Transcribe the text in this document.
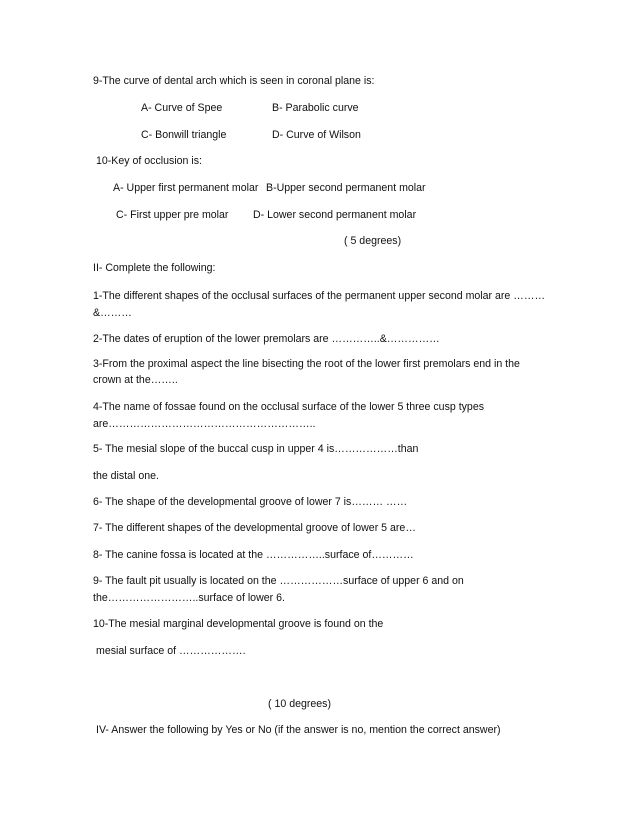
9-The curve of dental arch which is seen in coronal plane is:
A- Curve of Spee	B- Parabolic curve
C- Bonwill triangle	D- Curve of Wilson
10-Key of occlusion is:
A- Upper first permanent molar B-Upper second permanent molar
C- First upper pre molar D- Lower second permanent molar
( 5 degrees)
II- Complete the following:
1-The different shapes of the occlusal surfaces of the permanent upper second molar are ………
&………
2-The dates of eruption of the lower premolars are …………..&……………
3-From the proximal aspect the line bisecting the root of the lower first premolars end in the
crown at the……..
4-The name of fossae found on the occlusal surface of the lower 5 three cusp types
are…………………………………………………..
5- The mesial slope of the buccal cusp in upper 4 is………………than
the distal one.
6- The shape of the developmental groove of lower 7 is……… ……
7- The different shapes of the developmental groove of lower 5 are…
8- The canine fossa is located at the ……………..surface of…………
9- The fault pit usually is located on the ………………surface of upper 6 and on
the……………………..surface of lower 6.
10-The mesial marginal developmental groove is found on the
mesial surface of ……………….
( 10 degrees)
IV- Answer the following by Yes or No (if the answer is no, mention the correct answer)
